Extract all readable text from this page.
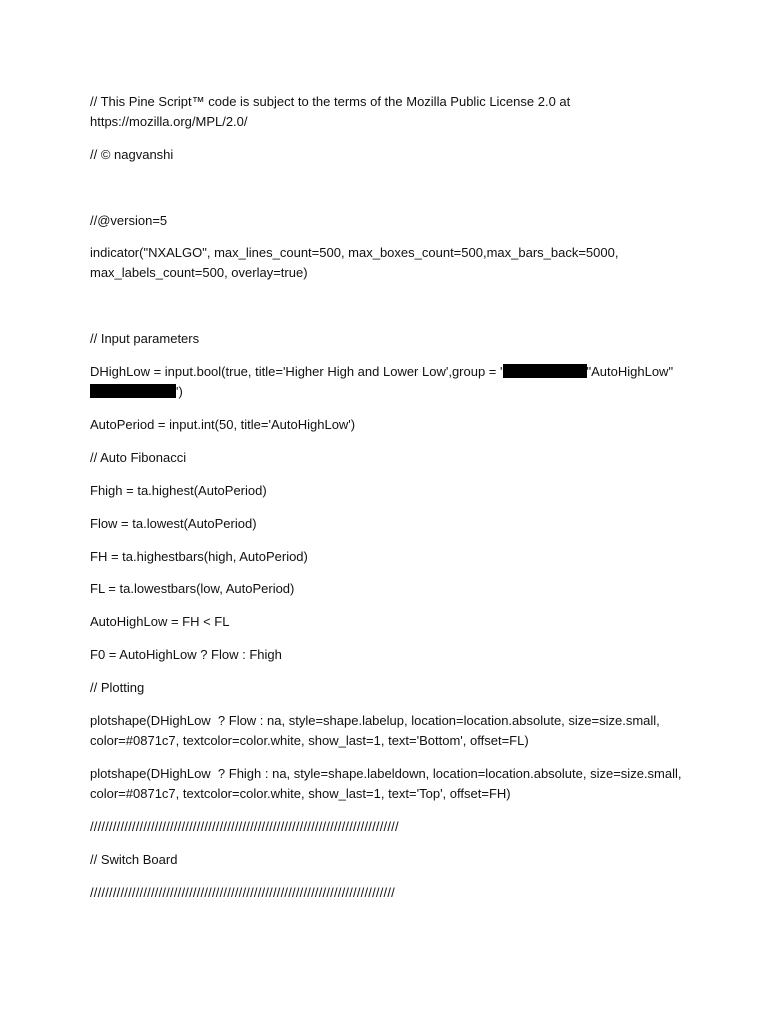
// This Pine Script™ code is subject to the terms of the Mozilla Public License 2.0 at
https://mozilla.org/MPL/2.0/

// © nagvanshi

//@version=5

indicator("NXALGO", max_lines_count=500, max_boxes_count=500,max_bars_back=5000,
max_labels_count=500, overlay=true)

// Input parameters

DHighLow = input.bool(true, title='Higher High and Lower Low',group = '	"AutoHighLow"
')

AutoPeriod = input.int(50, title='AutoHighLow')

// Auto Fibonacci

Fhigh = ta.highest(AutoPeriod)

Flow = ta.lowest(AutoPeriod)

FH = ta.highestbars(high, AutoPeriod)

FL = ta.lowestbars(low, AutoPeriod)

AutoHighLow = FH < FL

F0 = AutoHighLow ? Flow : Fhigh

// Plotting

plotshape(DHighLow  ? Flow : na, style=shape.labelup, location=location.absolute, size=size.small,
color=#0871c7, textcolor=color.white, show_last=1, text='Bottom', offset=FL)

plotshape(DHighLow  ? Fhigh : na, style=shape.labeldown, location=location.absolute, size=size.small,
color=#0871c7, textcolor=color.white, show_last=1, text='Top', offset=FH)

/////////////////////////////////////////////////////////////////////////////////

// Switch Board

////////////////////////////////////////////////////////////////////////////////
